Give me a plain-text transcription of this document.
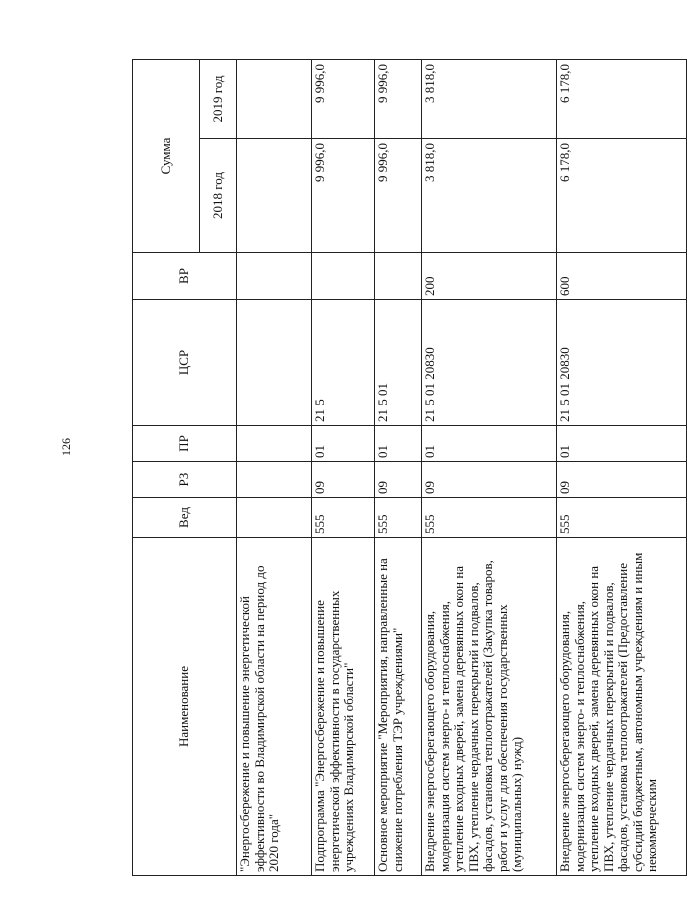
126
Наименование	Вед	РЗ	ПР	ЦСР	ВР	Сумма	
						2018 год	2019 год
"Энергосбережение и повышение энергетической эффективности во Владимирской области на период до 2020 года"							
Подпрограмма "Энергосбережение и повышение энергетической эффективности в государственных учреждениях Владимирской области"	555	09	01	21 5		9 996,0	9 996,0
Основное мероприятие "Мероприятия, направленные на снижение потребления ТЭР учреждениями"	555	09	01	21 5 01		9 996,0	9 996,0
Внедрение энергосберегающего оборудования, модернизация систем энерго- и теплоснабжения, утепление входных дверей, замена деревянных окон на ПВХ, утепление чердачных перекрытий и подвалов, фасадов, установка теплоотражателей (Закупка товаров, работ и услуг для обеспечения государственных (муниципальных) нужд)	555	09	01	21 5 01 20830	200	3 818,0	3 818,0
Внедрение энергосберегающего оборудования, модернизация систем энерго- и теплоснабжения, утепление входных дверей, замена деревянных окон на ПВХ, утепление чердачных перекрытий и подвалов, фасадов, установка теплоотражателей (Предоставление субсидий бюджетным, автономным учреждениям и иным некоммерческим	555	09	01	21 5 01 20830	600	6 178,0	6 178,0
